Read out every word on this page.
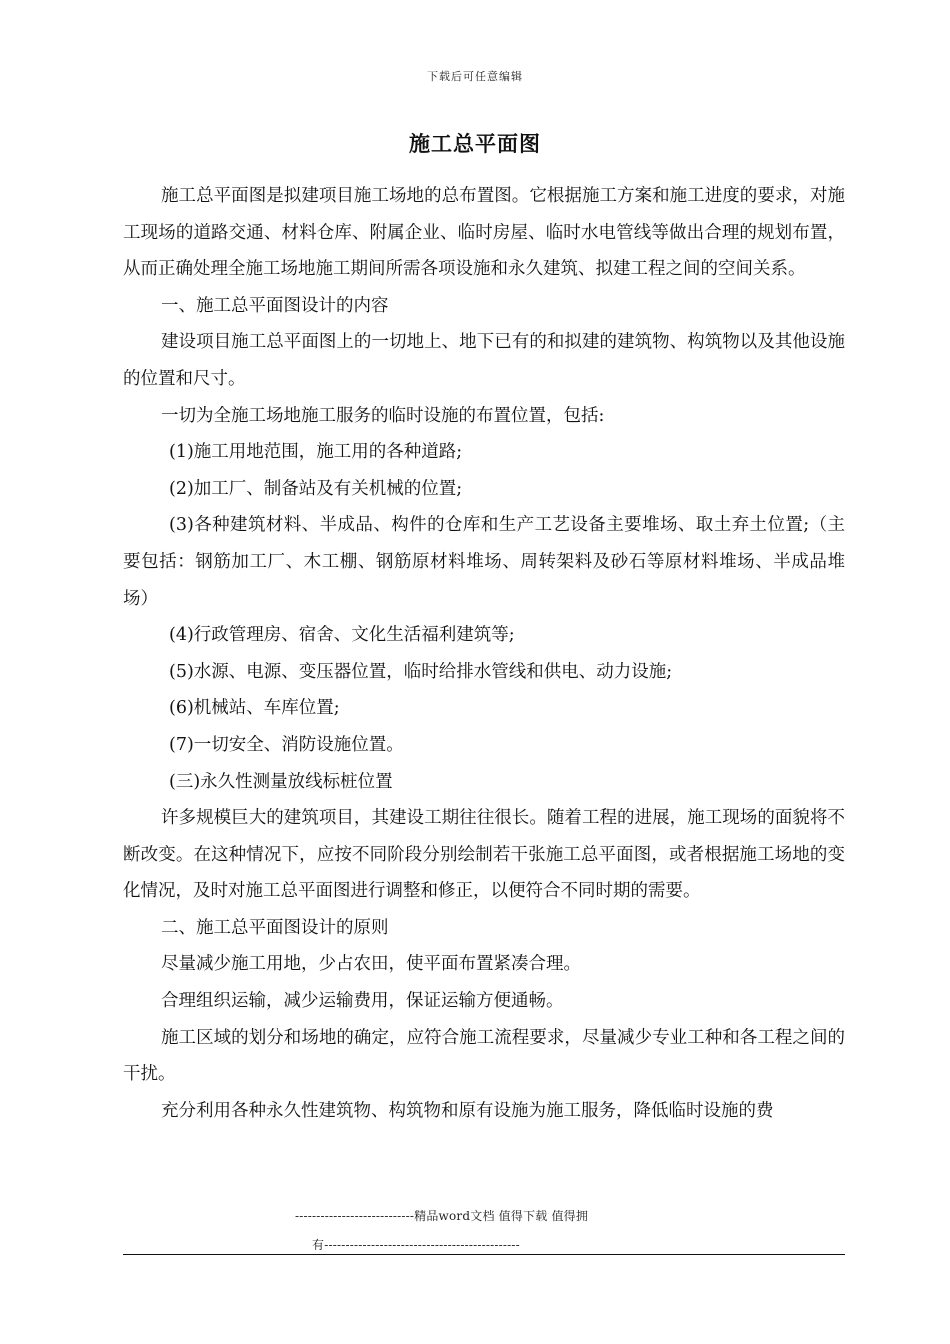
下载后可任意编辑
施工总平面图

施工总平面图是拟建项目施工场地的总布置图。它根据施工方案和施工进度的要求，对施工现场的道路交通、材料仓库、附属企业、临时房屋、临时水电管线等做出合理的规划布置，从而正确处理全施工场地施工期间所需各项设施和永久建筑、拟建工程之间的空间关系。

一、施工总平面图设计的内容

建设项目施工总平面图上的一切地上、地下已有的和拟建的建筑物、构筑物以及其他设施的位置和尺寸。

一切为全施工场地施工服务的临时设施的布置位置，包括:

(1)施工用地范围，施工用的各种道路;

(2)加工厂、制备站及有关机械的位置;

(3)各种建筑材料、半成品、构件的仓库和生产工艺设备主要堆场、取土弃土位置;（主要包括：钢筋加工厂、木工棚、钢筋原材料堆场、周转架料及砂石等原材料堆场、半成品堆场）

(4)行政管理房、宿舍、文化生活福利建筑等;

(5)水源、电源、变压器位置，临时给排水管线和供电、动力设施;

(6)机械站、车库位置;

(7)一切安全、消防设施位置。

(三)永久性测量放线标桩位置

许多规模巨大的建筑项目，其建设工期往往很长。随着工程的进展，施工现场的面貌将不断改变。在这种情况下，应按不同阶段分别绘制若干张施工总平面图，或者根据施工场地的变化情况，及时对施工总平面图进行调整和修正，以便符合不同时期的需要。

二、施工总平面图设计的原则

尽量减少施工用地，少占农田，使平面布置紧凑合理。

合理组织运输，减少运输费用，保证运输方便通畅。

施工区域的划分和场地的确定，应符合施工流程要求，尽量减少专业工种和各工程之间的干扰。

充分利用各种永久性建筑物、构筑物和原有设施为施工服务，降低临时设施的费

----------------------------精品word文档 值得下载 值得拥
有----------------------------------------------
